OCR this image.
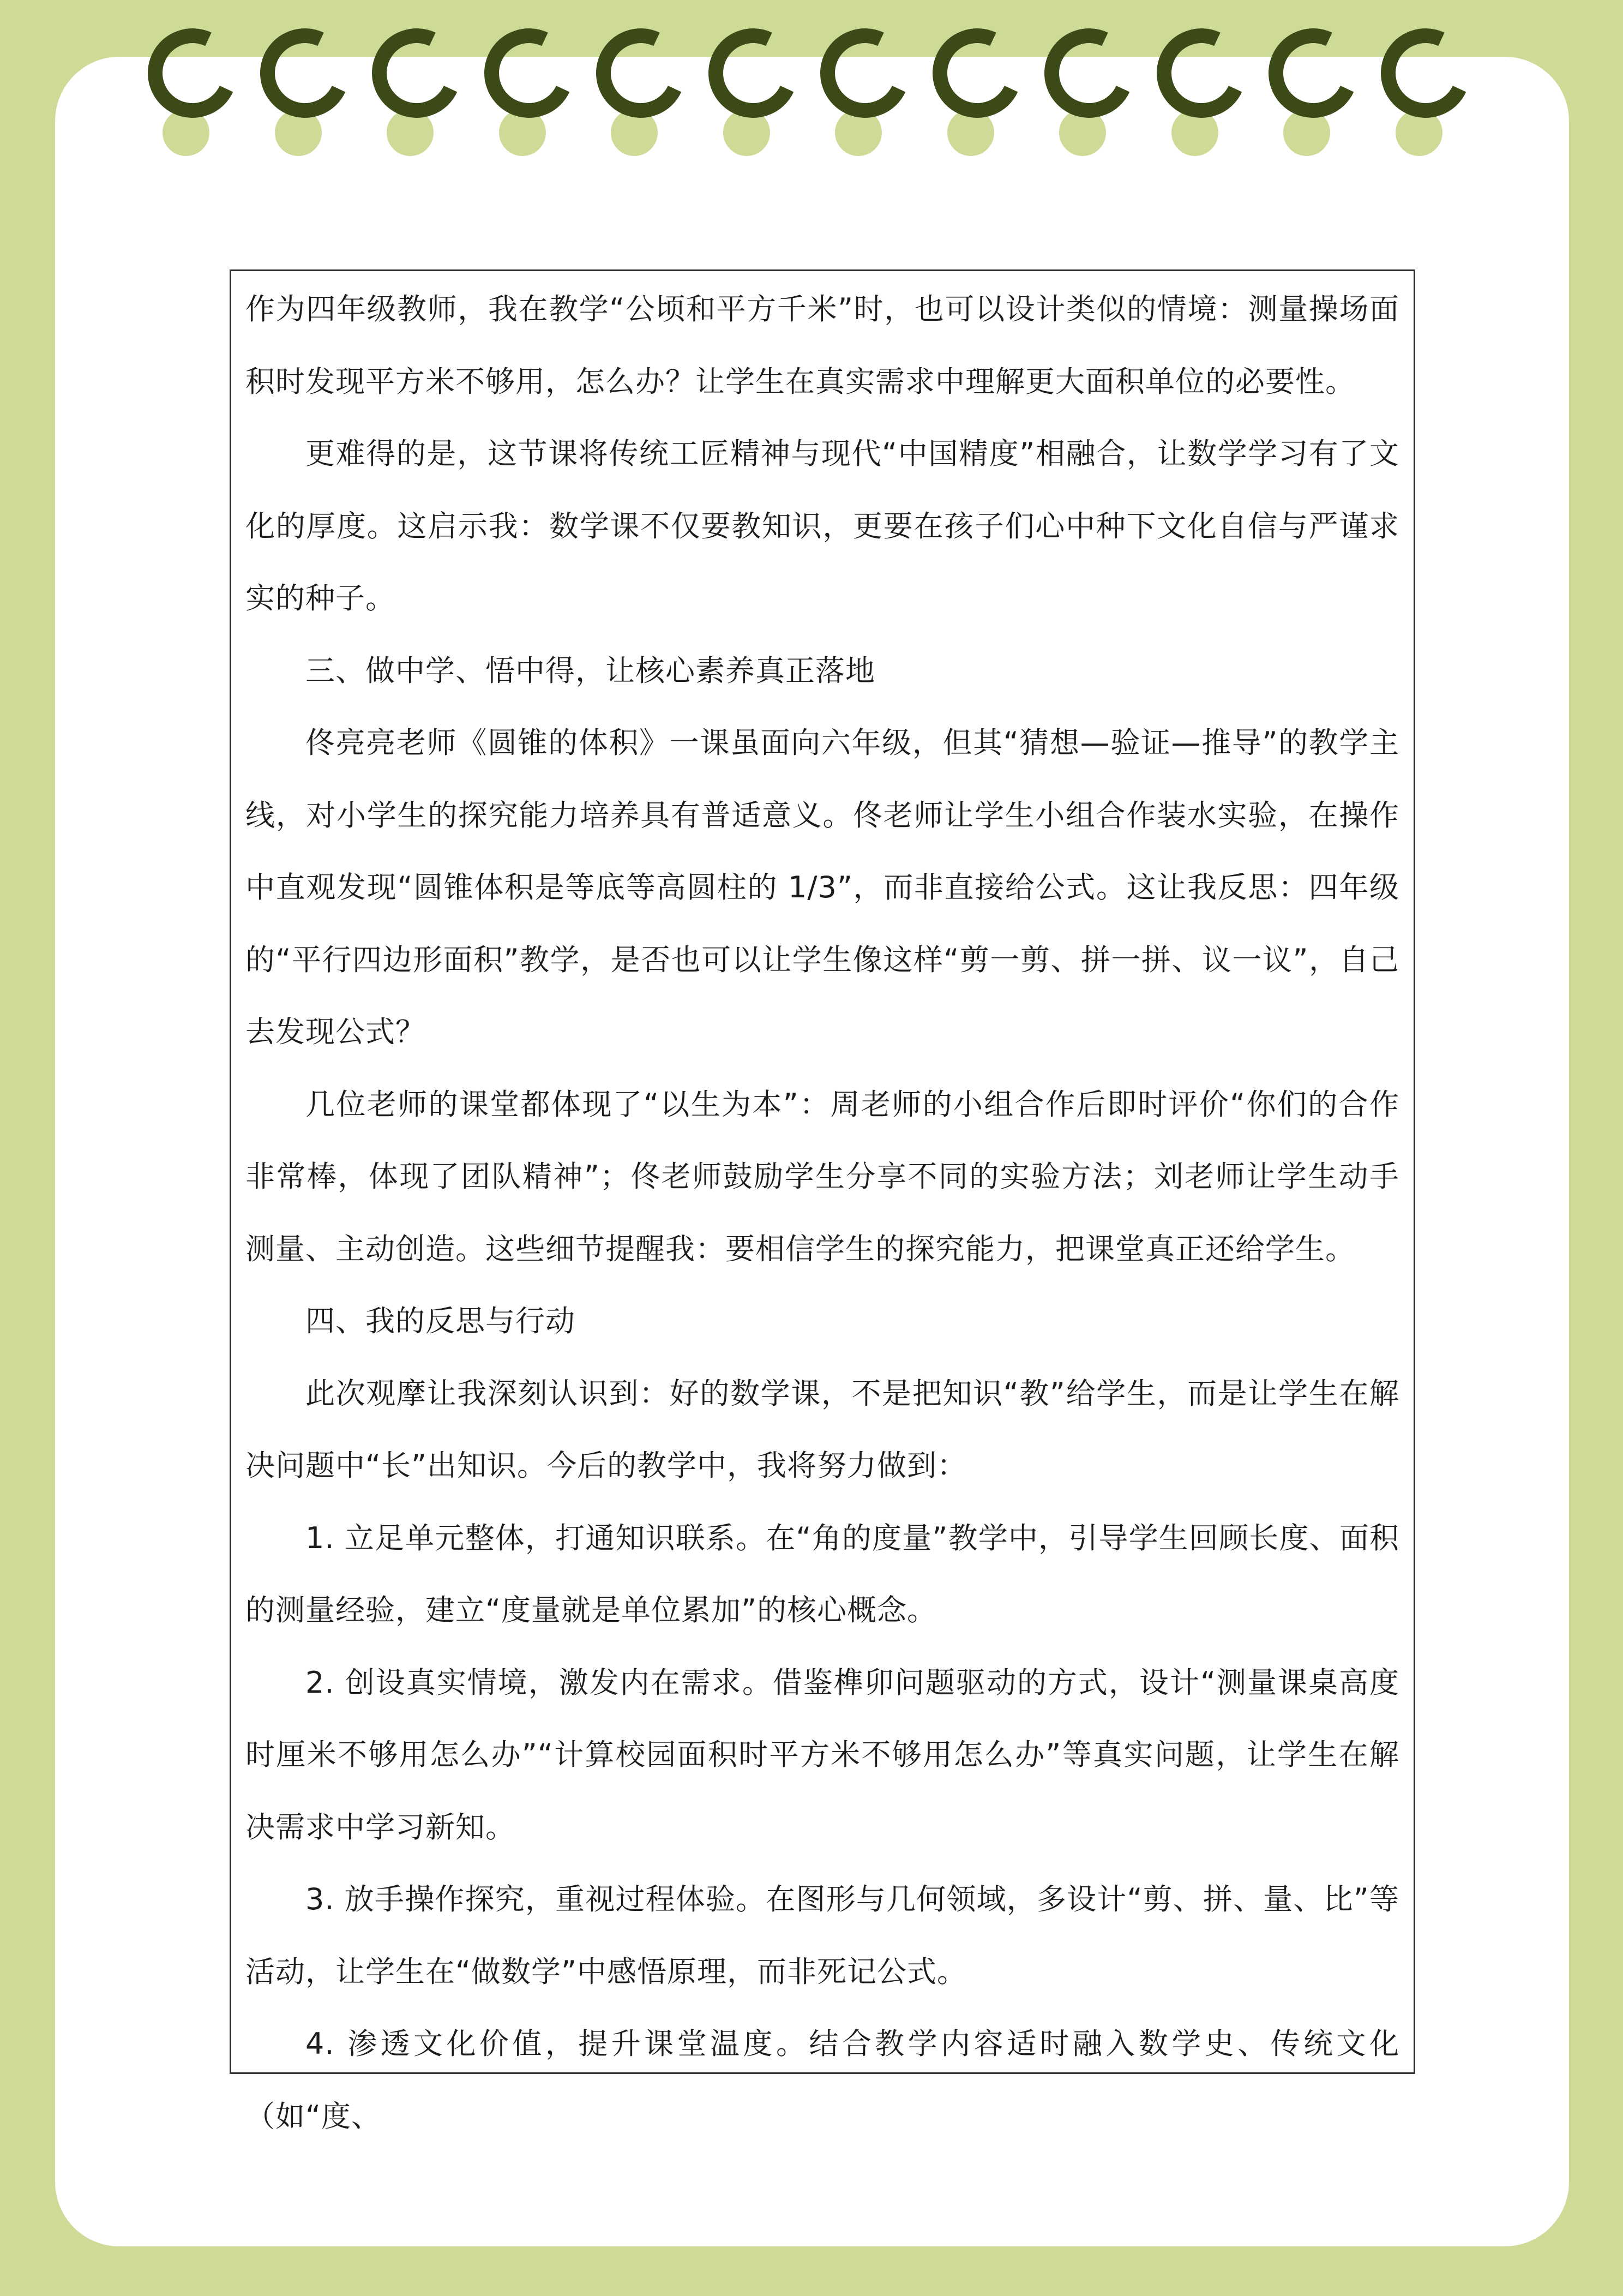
作为四年级教师，我在教学“公顷和平方千米”时，也可以设计类似的情境：测量操场面积时发现平方米不够用，怎么办？让学生在真实需求中理解更大面积单位的必要性。

更难得的是，这节课将传统工匠精神与现代“中国精度”相融合，让数学学习有了文化的厚度。这启示我：数学课不仅要教知识，更要在孩子们心中种下文化自信与严谨求实的种子。

三、做中学、悟中得，让核心素养真正落地

佟亮亮老师《圆锥的体积》一课虽面向六年级，但其“猜想—验证—推导”的教学主线，对小学生的探究能力培养具有普适意义。佟老师让学生小组合作装水实验，在操作中直观发现“圆锥体积是等底等高圆柱的 1/3”，而非直接给公式。这让我反思：四年级的“平行四边形面积”教学，是否也可以让学生像这样“剪一剪、拼一拼、议一议”，自己去发现公式？

几位老师的课堂都体现了“以生为本”：周老师的小组合作后即时评价“你们的合作非常棒，体现了团队精神”；佟老师鼓励学生分享不同的实验方法；刘老师让学生动手测量、主动创造。这些细节提醒我：要相信学生的探究能力，把课堂真正还给学生。

四、我的反思与行动

此次观摩让我深刻认识到：好的数学课，不是把知识“教”给学生，而是让学生在解决问题中“长”出知识。今后的教学中，我将努力做到：

1. 立足单元整体，打通知识联系。在“角的度量”教学中，引导学生回顾长度、面积的测量经验，建立“度量就是单位累加”的核心概念。

2. 创设真实情境，激发内在需求。借鉴榫卯问题驱动的方式，设计“测量课桌高度时厘米不够用怎么办”“计算校园面积时平方米不够用怎么办”等真实问题，让学生在解决需求中学习新知。

3. 放手操作探究，重视过程体验。在图形与几何领域，多设计“剪、拼、量、比”等活动，让学生在“做数学”中感悟原理，而非死记公式。

4. 渗透文化价值，提升课堂温度。结合教学内容适时融入数学史、传统文化（如“度、
